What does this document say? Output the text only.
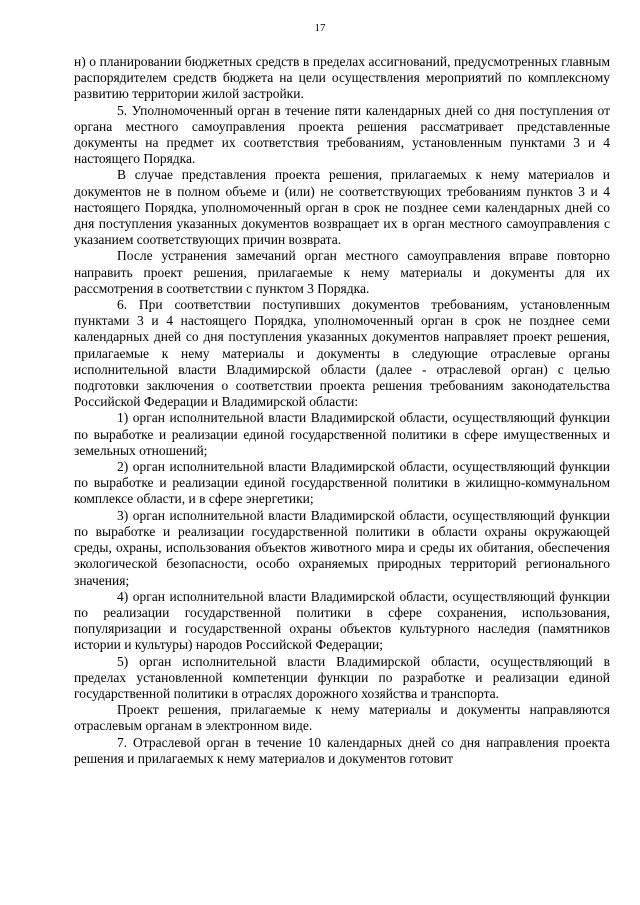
17

н) о планировании бюджетных средств в пределах ассигнований, предусмотренных главным распорядителем средств бюджета на цели осуществления мероприятий по комплексному развитию территории жилой застройки.

5. Уполномоченный орган в течение пяти календарных дней со дня поступления от органа местного самоуправления проекта решения рассматривает представленные документы на предмет их соответствия требованиям, установленным пунктами 3 и 4 настоящего Порядка.

В случае представления проекта решения, прилагаемых к нему материалов и документов не в полном объеме и (или) не соответствующих требованиям пунктов 3 и 4 настоящего Порядка, уполномоченный орган в срок не позднее семи календарных дней со дня поступления указанных документов возвращает их в орган местного самоуправления с указанием соответствующих причин возврата.

После устранения замечаний орган местного самоуправления вправе повторно направить проект решения, прилагаемые к нему материалы и документы для их рассмотрения в соответствии с пунктом 3 Порядка.

6. При соответствии поступивших документов требованиям, установленным пунктами 3 и 4 настоящего Порядка, уполномоченный орган в срок не позднее семи календарных дней со дня поступления указанных документов направляет проект решения, прилагаемые к нему материалы и документы в следующие отраслевые органы исполнительной власти Владимирской области (далее - отраслевой орган) с целью подготовки заключения о соответствии проекта решения требованиям законодательства Российской Федерации и Владимирской области:

1) орган исполнительной власти Владимирской области, осуществляющий функции по выработке и реализации единой государственной политики в сфере имущественных и земельных отношений;

2) орган исполнительной власти Владимирской области, осуществляющий функции по выработке и реализации единой государственной политики в жилищно-коммунальном комплексе области, и в сфере энергетики;

3) орган исполнительной власти Владимирской области, осуществляющий функции по выработке и реализации государственной политики в области охраны окружающей среды, охраны, использования объектов животного мира и среды их обитания, обеспечения экологической безопасности, особо охраняемых природных территорий регионального значения;

4) орган исполнительной власти Владимирской области, осуществляющий функции по реализации государственной политики в сфере сохранения, использования, популяризации и государственной охраны объектов культурного наследия (памятников истории и культуры) народов Российской Федерации;

5) орган исполнительной власти Владимирской области, осуществляющий в пределах установленной компетенции функции по разработке и реализации единой государственной политики в отраслях дорожного хозяйства и транспорта.

Проект решения, прилагаемые к нему материалы и документы направляются отраслевым органам в электронном виде.

7. Отраслевой орган в течение 10 календарных дней со дня направления проекта решения и прилагаемых к нему материалов и документов готовит
